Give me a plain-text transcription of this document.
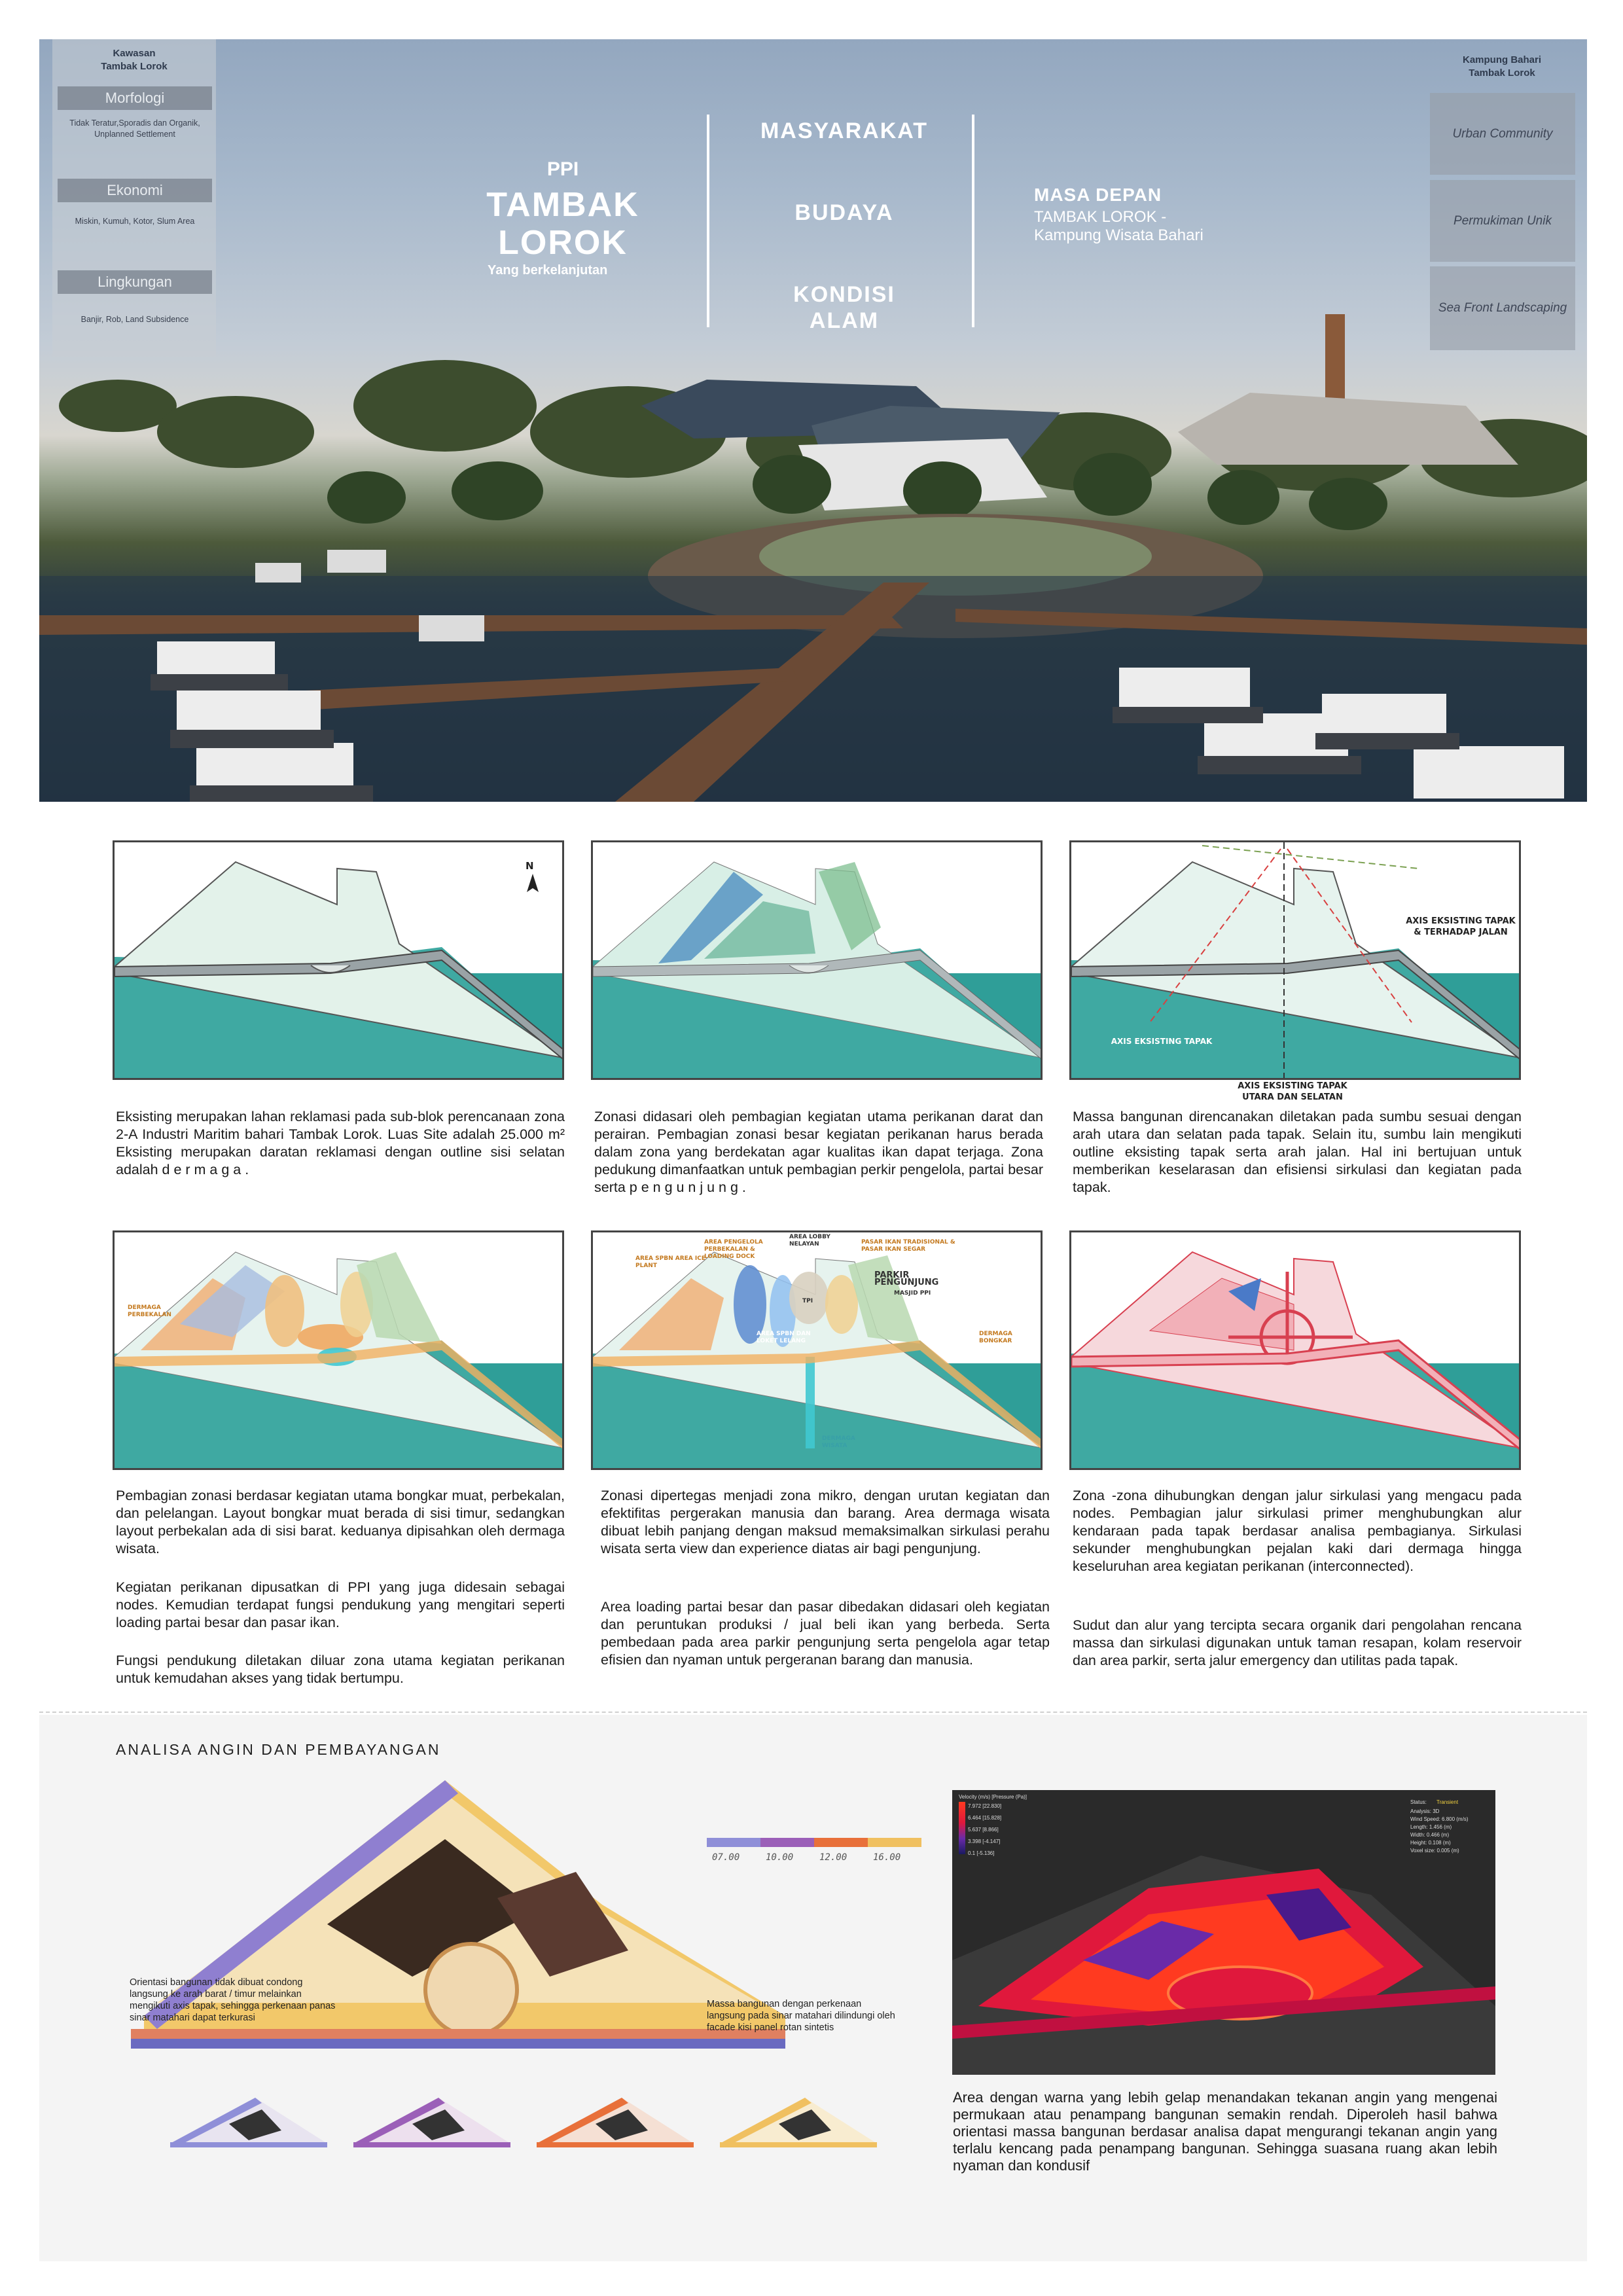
Kawasan
Tambak Lorok
Morfologi
Tidak Teratur,Sporadis dan Organik, Unplanned Settlement
Ekonomi
Miskin, Kumuh, Kotor, Slum Area
Lingkungan
Banjir, Rob, Land Subsidence
PPI
TAMBAK LOROK
Yang berkelanjutan
MASYARAKAT
BUDAYA
KONDISI ALAM
MASA DEPAN
TAMBAK LOROK - Kampung Wisata Bahari
Kampung Bahari
Tambak Lorok
Urban Community
Permukiman Unik
Sea Front Landscaping
N
AXIS EKSISTING TAPAK & TERHADAP JALAN
AXIS EKSISTING TAPAK
AXIS EKSISTING TAPAK UTARA DAN SELATAN
Eksisting merupakan lahan reklamasi pada sub-blok perencanaan zona 2-A Industri Maritim bahari Tambak Lorok. Luas Site adalah 25.000 m² Eksisting merupakan daratan reklamasi dengan outline sisi selatan adalah d e r m a g a .
Zonasi didasari oleh pembagian kegiatan utama perikanan darat dan perairan. Pembagian zonasi besar kegiatan perikanan harus berada dalam zona yang berdekatan agar kualitas ikan dapat terjaga. Zona pedukung dimanfaatkan untuk pembagian perkir pengelola, partai besar serta p e n g u n j u n g .
Massa bangunan direncanakan diletakan pada sumbu sesuai dengan arah utara dan selatan pada tapak. Selain itu, sumbu lain mengikuti outline eksisting tapak serta arah jalan. Hal ini bertujuan untuk memberikan keselarasan dan efisiensi sirkulasi dan kegiatan pada tapak.
DERMAGA PERBEKALAN
AREA SPBN AREA ICE PLANT
AREA PENGELOLA PERBEKALAN & LOADING DOCK
AREA LOBBY NELAYAN	PASAR IKAN TRADISIONAL & PASAR IKAN SEGAR
PARKIR PENGUNJUNG
MASJID PPI
TPI
AREA SPBN DAN LOKET LELANG
DERMAGA BONGKAR
DERMAGA WISATA
Pembagian zonasi berdasar kegiatan utama bongkar muat, perbekalan, dan pelelangan. Layout bongkar muat berada di sisi timur, sedangkan layout perbekalan ada di sisi barat. keduanya dipisahkan oleh dermaga wisata.
Kegiatan perikanan dipusatkan di PPI yang juga didesain sebagai nodes. Kemudian terdapat fungsi pendukung yang mengitari seperti loading partai besar dan pasar ikan.
Fungsi pendukung diletakan diluar zona utama kegiatan perikanan untuk kemudahan akses yang tidak bertumpu.
Zonasi dipertegas menjadi zona mikro, dengan urutan kegiatan dan efektifitas pergerakan manusia dan barang. Area dermaga wisata dibuat lebih panjang dengan maksud memaksimalkan sirkulasi perahu wisata serta view dan experience diatas air bagi pengunjung.
Area loading partai besar dan pasar dibedakan didasari oleh kegiatan dan peruntukan produksi / jual beli ikan yang berbeda. Serta pembedaan pada area parkir pengunjung serta pengelola agar tetap efisien dan nyaman untuk pergeranan barang dan manusia.
Zona -zona dihubungkan dengan jalur sirkulasi yang mengacu pada nodes. Pembagian jalur sirkulasi primer menghubungkan alur kendaraan pada tapak berdasar analisa pembagianya. Sirkulasi sekunder menghubungkan pejalan kaki dari dermaga hingga keseluruhan area kegiatan perikanan (interconnected).
Sudut dan alur yang tercipta secara organik dari pengolahan rencana massa dan sirkulasi digunakan untuk taman resapan, kolam reservoir dan area parkir, serta jalur emergency dan utilitas pada tapak.
ANALISA ANGIN DAN PEMBAYANGAN
07.00	10.00	12.00	16.00
Orientasi bangunan tidak dibuat condong langsung ke arah barat / timur melainkan mengikuti axis tapak, sehingga perkenaan panas sinar matahari dapat terkurasi
Massa bangunan dengan perkenaan langsung pada sinar matahari dilindungi oleh facade kisi panel rotan sintetis
Velocity (m/s) [Pressure (Pa)]
7.972 [22.830]
6.464 [15.828]
5.637 [8.866]
3.398 [-4.147]
0.1 [-5.136]
Status: Transient
Analysis: 3D
Wind Speed: 6.800 (m/s)
Length: 1.456 (m)
Width: 0.466 (m)
Height: 0.108 (m)
Voxel size: 0.005 (m)
Area dengan warna yang lebih gelap menandakan tekanan angin yang mengenai permukaan atau penampang bangunan semakin rendah. Diperoleh hasil bahwa orientasi massa bangunan berdasar analisa dapat mengurangi tekanan angin yang terlalu kencang pada penampang bangunan. Sehingga suasana ruang akan lebih nyaman dan kondusif
